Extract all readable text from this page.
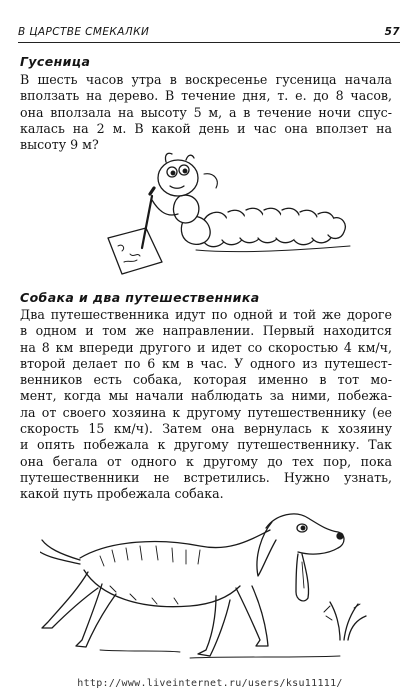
В ЦАРСТВЕ СМЕКАЛКИ	57
Гусеница

В шесть часов утра в воскресенье гусеница начала
вползать на дерево. В течение дня, т. е. до 8 часов,
она вползала на высоту 5 м, а в течение ночи спус-
калась на 2 м. В какой день и час она вползет на
высоту 9 м?

Собака и два путешественника

Два путешественника идут по одной и той же дороге
в одном и том же направлении. Первый находится
на 8 км впереди другого и идет со скоростью 4 км/ч,
второй делает по 6 км в час. У одного из путешест-
венников есть собака, которая именно в тот мо-
мент, когда мы начали наблюдать за ними, побежа-
ла от своего хозяина к другому путешественнику (ее
скорость 15 км/ч). Затем она вернулась к хозяину
и опять побежала к другому путешественнику. Так
она бегала от одного к другому до тех пор, пока
путешественники не встретились. Нужно узнать,
какой путь пробежала собака.

http://www.liveinternet.ru/users/ksu11111/
